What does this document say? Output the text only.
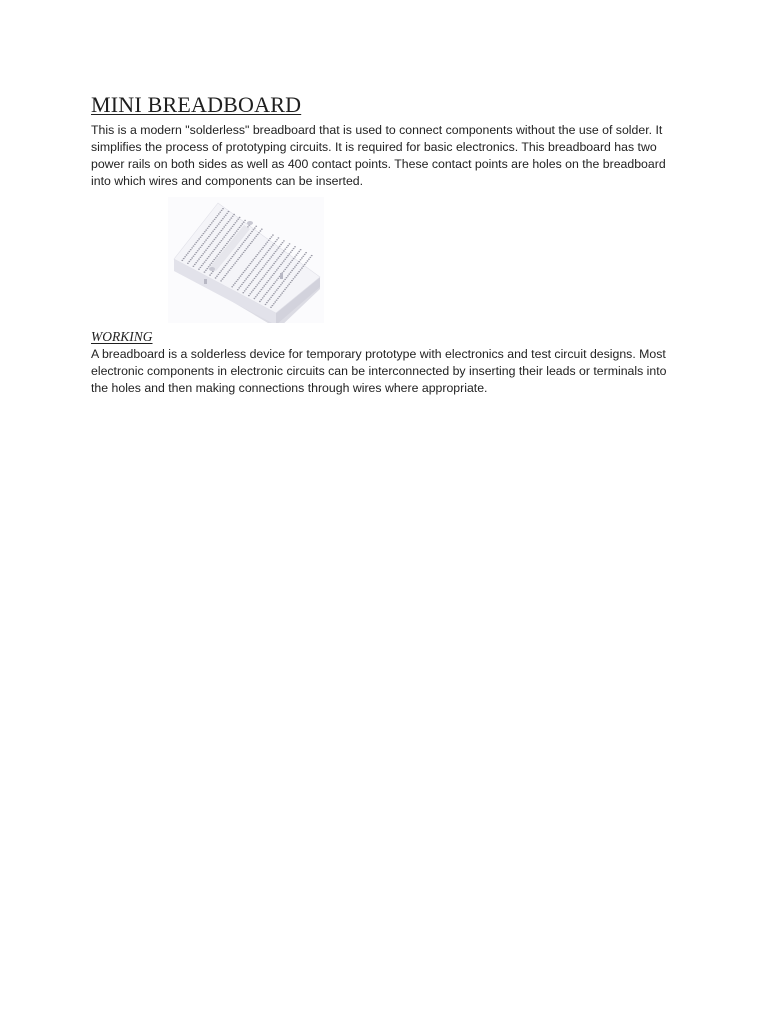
MINI BREADBOARD

This is a modern "solderless" breadboard that is used to connect components without the use of solder. It simplifies the process of prototyping circuits. It is required for basic electronics. This breadboard has two power rails on both sides as well as 400 contact points. These contact points are holes on the breadboard into which wires and components can be inserted.

WORKING

A breadboard is a solderless device for temporary prototype with electronics and test circuit designs. Most electronic components in electronic circuits can be interconnected by inserting their leads or terminals into the holes and then making connections through wires where appropriate.
